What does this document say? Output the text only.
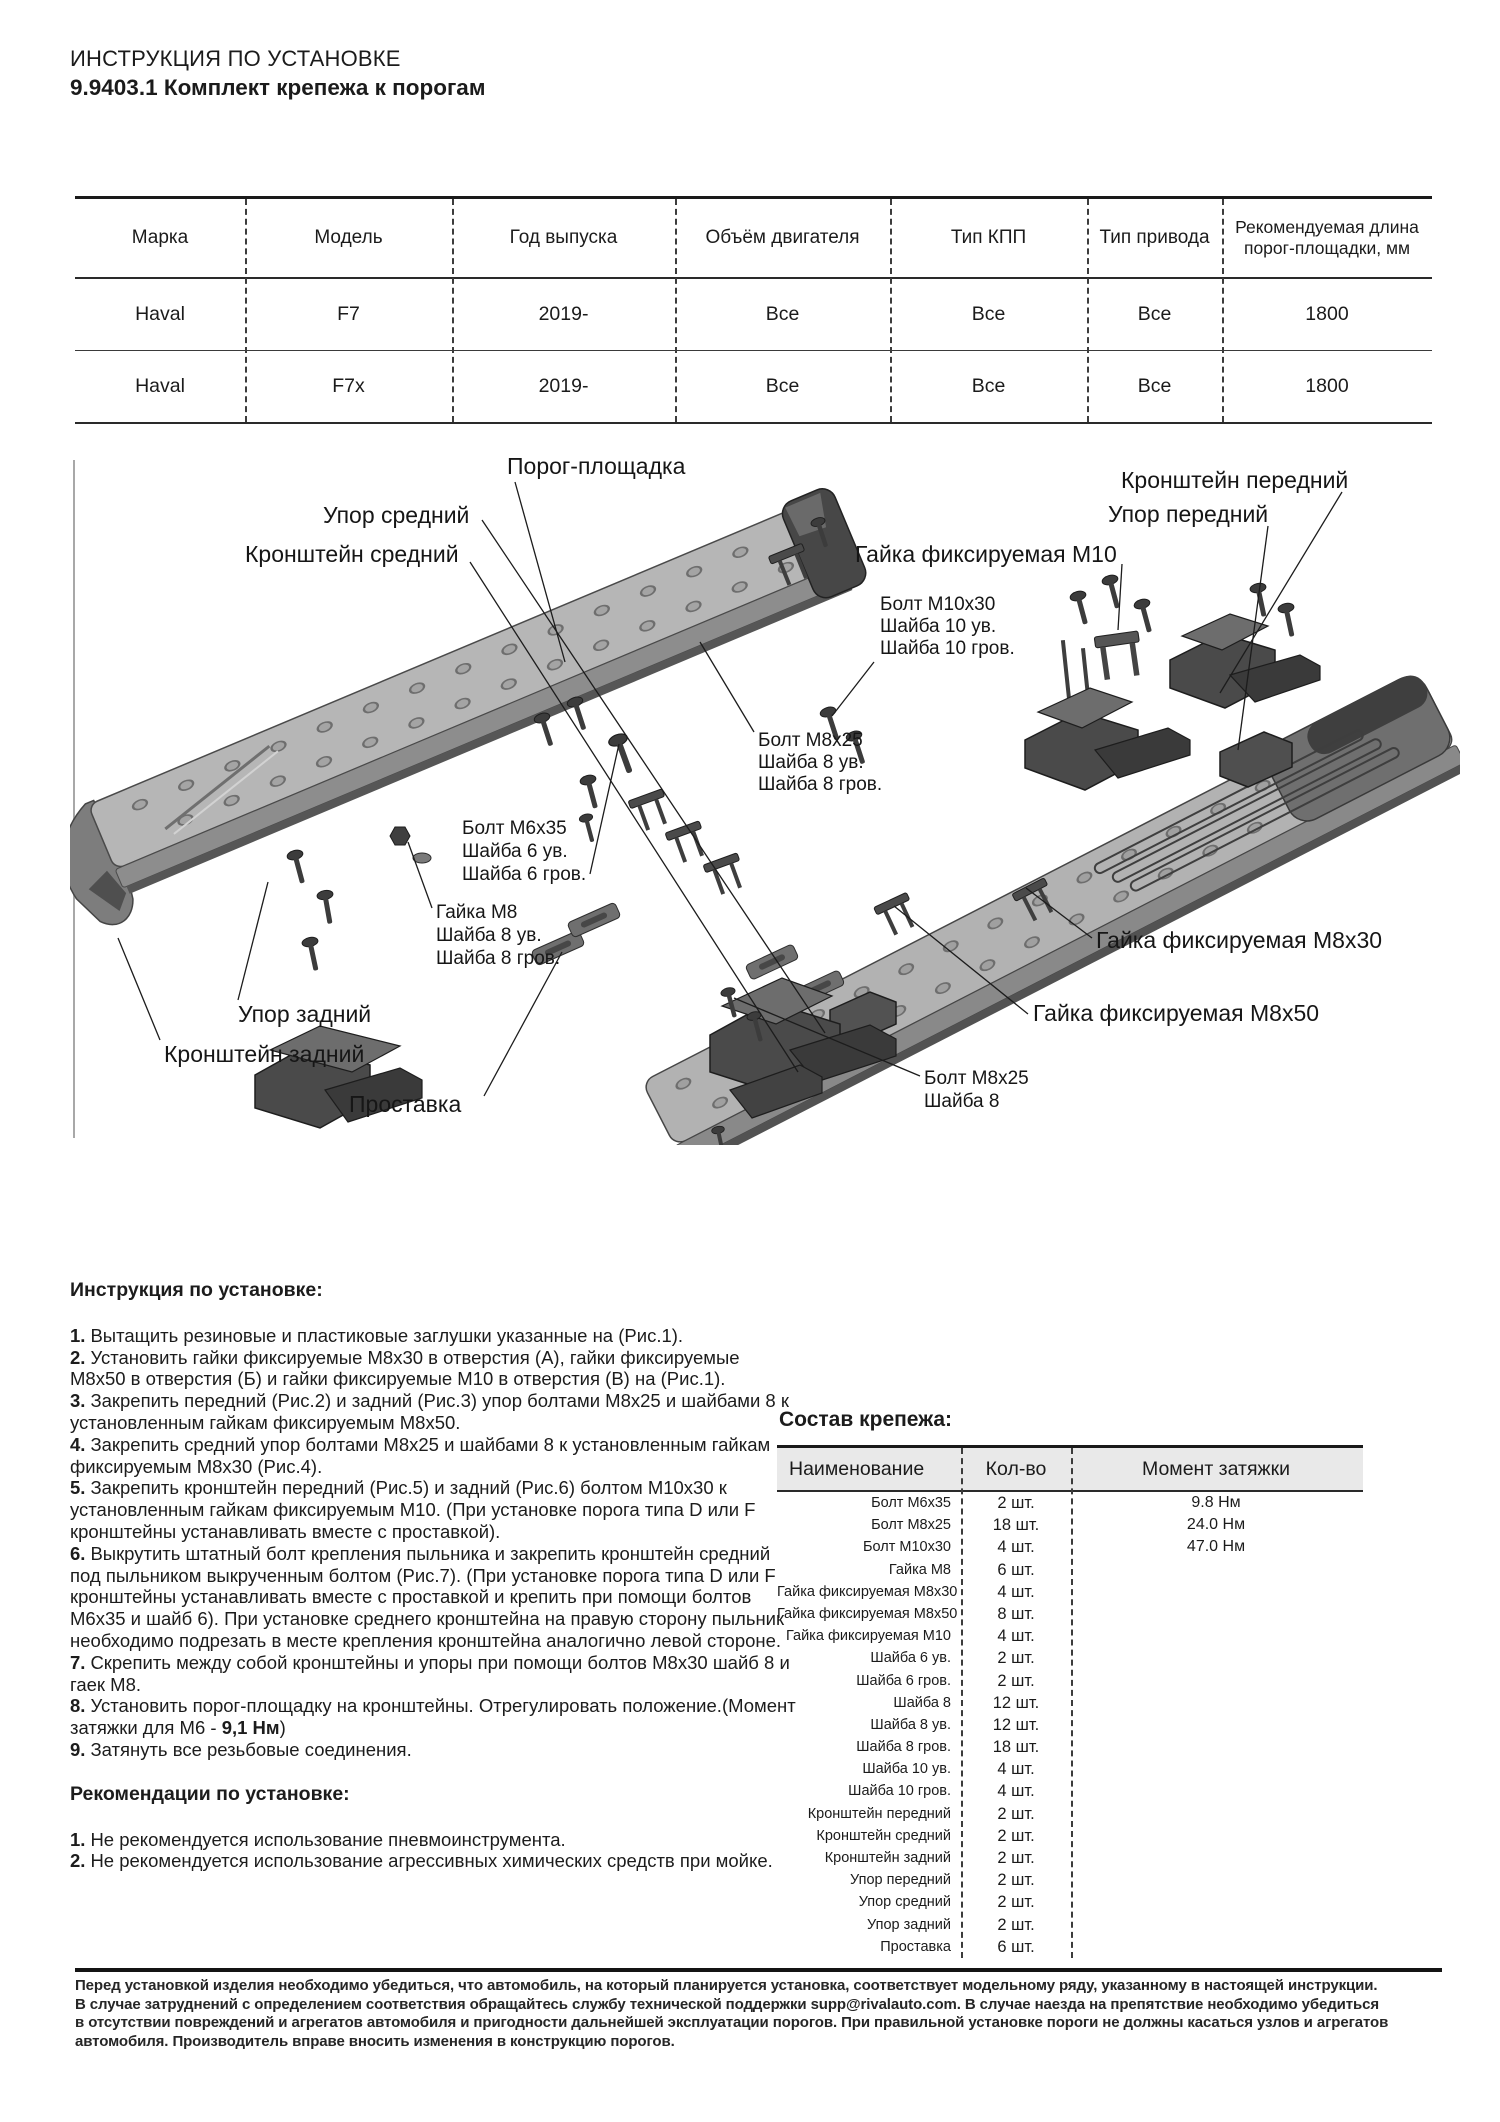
ИНСТРУКЦИЯ ПО УСТАНОВКЕ
9.9403.1 Комплект крепежа к порогам
Марка	Модель	Год выпуска	Объём двигателя	Тип КПП	Тип привода	Рекомендуемая длина порог-площадки, мм
Haval	F7	2019-	Все	Все	Все	1800
Haval	F7x	2019-	Все	Все	Все	1800
Порог-площадка
Упор средний
Кронштейн средний
Кронштейн передний
Упор передний
Гайка фиксируемая М10
Болт М10х30
Шайба 10 ув.
Шайба 10 гров.
Болт М8х25
Шайба 8 ув.
Шайба 8 гров.
Болт М6х35
Шайба 6 ув.
Шайба 6 гров.
Гайка М8
Шайба 8 ув.
Шайба 8 гров.
Упор задний
Кронштейн задний
Проставка
Гайка фиксируемая М8х30
Гайка фиксируемая М8х50
Болт М8х25
Шайба 8

Инструкция по установке:

1. Вытащить резиновые и пластиковые заглушки указанные на (Рис.1).

2. Установить гайки фиксируемые М8х30 в отверстия (А), гайки фиксируемые М8х50 в отверстия (Б) и гайки фиксируемые М10 в отверстия (В) на (Рис.1).

3. Закрепить передний (Рис.2) и задний (Рис.3) упор болтами М8х25 и шайбами 8 к установленным гайкам фиксируемым М8х50.

4. Закрепить средний упор болтами М8х25 и шайбами 8 к установленным гайкам фиксируемым М8х30 (Рис.4).

5. Закрепить кронштейн передний (Рис.5) и задний (Рис.6) болтом М10х30 к установленным гайкам фиксируемым М10. (При установке порога типа D или F кронштейны устанавливать вместе с проставкой).

6. Выкрутить штатный болт крепления пыльника и закрепить кронштейн средний под пыльником выкрученным болтом (Рис.7). (При установке порога типа D или F кронштейны устанавливать вместе с проставкой и крепить при помощи болтов М6х35 и шайб 6). При установке среднего кронштейна на правую сторону пыльник необходимо подрезать в месте крепления кронштейна аналогично левой стороне.

7. Скрепить между собой кронштейны и упоры при помощи болтов М8х30 шайб 8 и гаек М8.

8. Установить порог-площадку на кронштейны. Отрегулировать положение.(Момент затяжки для М6 - 9,1 Нм)

9. Затянуть все резьбовые соединения.

Рекомендации по установке:

1. Не рекомендуется использование пневмоинструмента.

2. Не рекомендуется использование агрессивных химических средств при мойке.

Состав крепежа:

Наименование	Кол-во	Момент затяжки
Болт М6х35	2 шт.	9.8 Нм
Болт М8х25	18 шт.	24.0 Нм
Болт М10х30	4 шт.	47.0 Нм
Гайка М8	6 шт.
Гайка фиксируемая М8х30	4 шт.
Гайка фиксируемая М8х50	8 шт.
Гайка фиксируемая М10	4 шт.
Шайба 6 ув.	2 шт.
Шайба 6 гров.	2 шт.
Шайба 8	12 шт.
Шайба 8 ув.	12 шт.
Шайба 8 гров.	18 шт.
Шайба 10 ув.	4 шт.
Шайба 10 гров.	4 шт.
Кронштейн передний	2 шт.
Кронштейн средний	2 шт.
Кронштейн задний	2 шт.
Упор передний	2 шт.
Упор средний	2 шт.
Упор задний	2 шт.
Проставка	6 шт.
Перед установкой изделия необходимо убедиться, что автомобиль, на который планируется установка, соответствует модельному ряду, указанному в настоящей инструкции.
В случае затруднений с определением соответствия обращайтесь службу технической поддержки supp@rivalauto.com. В случае наезда на препятствие необходимо убедиться
в отсутствии повреждений и агрегатов автомобиля и пригодности дальнейшей эксплуатации порогов. При правильной установке пороги не должны касаться узлов и агрегатов
автомобиля. Производитель вправе вносить изменения в конструкцию порогов.
